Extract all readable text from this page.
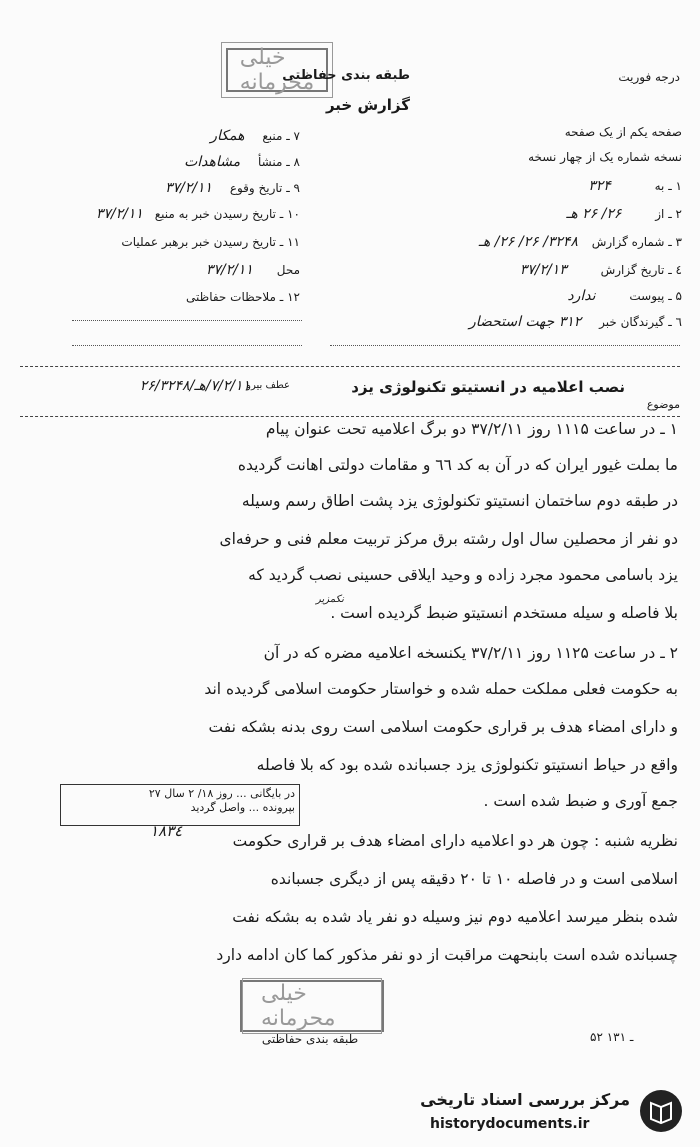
خیلی محرمانه
طبقه بندی حفاظتی	درجه فوریت
گزارش خبر
صفحه یکم از یک صفحه
نسخه شماره یک از چهار نسخه
۱ ـ به ۳۲۴
۲ ـ از ۲۶/ ۲۶ هـ
۳ ـ شماره گزارش ۳۲۴۸/ ۲۶/ ۲۶/ هـ
٤ ـ تاریخ گزارش ۳۷/۲/۱۳
۵ ـ پیوست ندارد
٦ ـ گیرندگان خبر ۳۱۲ جهت استحضار
۷ ـ منبع همکار
۸ ـ منشأ مشاهدات
۹ ـ تاریخ وقوع ۳۷/۲/۱۱
۱۰ ـ تاریخ رسیدن خبر به منبع ۳۷/۲/۱۱
۱۱ ـ تاریخ رسیدن خبر برهبر عملیات
محل ۳۷/۲/۱۱
۱۲ ـ ملاحظات حفاظتی
موضوع
نصب اعلامیه در انستیتو تکنولوژی یزد
عطف بیرو
۷/۲/۱۱/هـ/۲۶/۳۲۴۸
۱ ـ در ساعت ۱۱۱۵ روز ۳۷/۲/۱۱ دو برگ اعلامیه تحت عنوان پیام
ما بملت غیور ایران که در آن به کد ٦٦ و مقامات دولتی اهانت گردیده
در طبقه دوم ساختمان انستیتو تکنولوژی یزد پشت اطاق رسم وسیله
دو نفر از محصلین سال اول رشته برق مرکز تربیت معلم فنی و حرفه‌ای
یزد باسامی محمود مجرد زاده و وحید ایلاقی حسینی نصب گردید که
بلا فاصله و سیله مستخدم انستیتو ضبط گردیده است .
۲ ـ در ساعت ۱۱۲۵ روز ۳۷/۲/۱۱ یکنسخه اعلامیه مضره که در آن
به حکومت فعلی مملکت حمله شده و خواستار حکومت اسلامی گردیده اند
و دارای امضاء هدف بر قراری حکومت اسلامی است روی بدنه بشکه نفت
واقع در حیاط انستیتو تکنولوژی یزد جسبانده شده بود که بلا فاصله
جمع آوری و ضبط شده است .
نظریه شنبه : چون هر دو اعلامیه دارای امضاء هدف بر قراری حکومت
اسلامی است و در فاصله ۱۰ تا ۲۰ دقیقه پس از دیگری جسبانده
شده بنظر میرسد اعلامیه دوم نیز وسیله دو نفر یاد شده به بشکه نفت
چسبانده شده است بابنحهت مراقبت از دو نفر مذکور کما کان ادامه دارد
نکمزیر
در بایگانی ... روز ۱۸/ ۲ سال ۲۷
بپرونده ... واصل گردید
۱۸۳٤
خیلی محرمانه
طبقه بندی حفاظتی	۵۲ ـ ۱۳۱
مرکز بررسی اسناد تاریخی
historydocuments.ir
